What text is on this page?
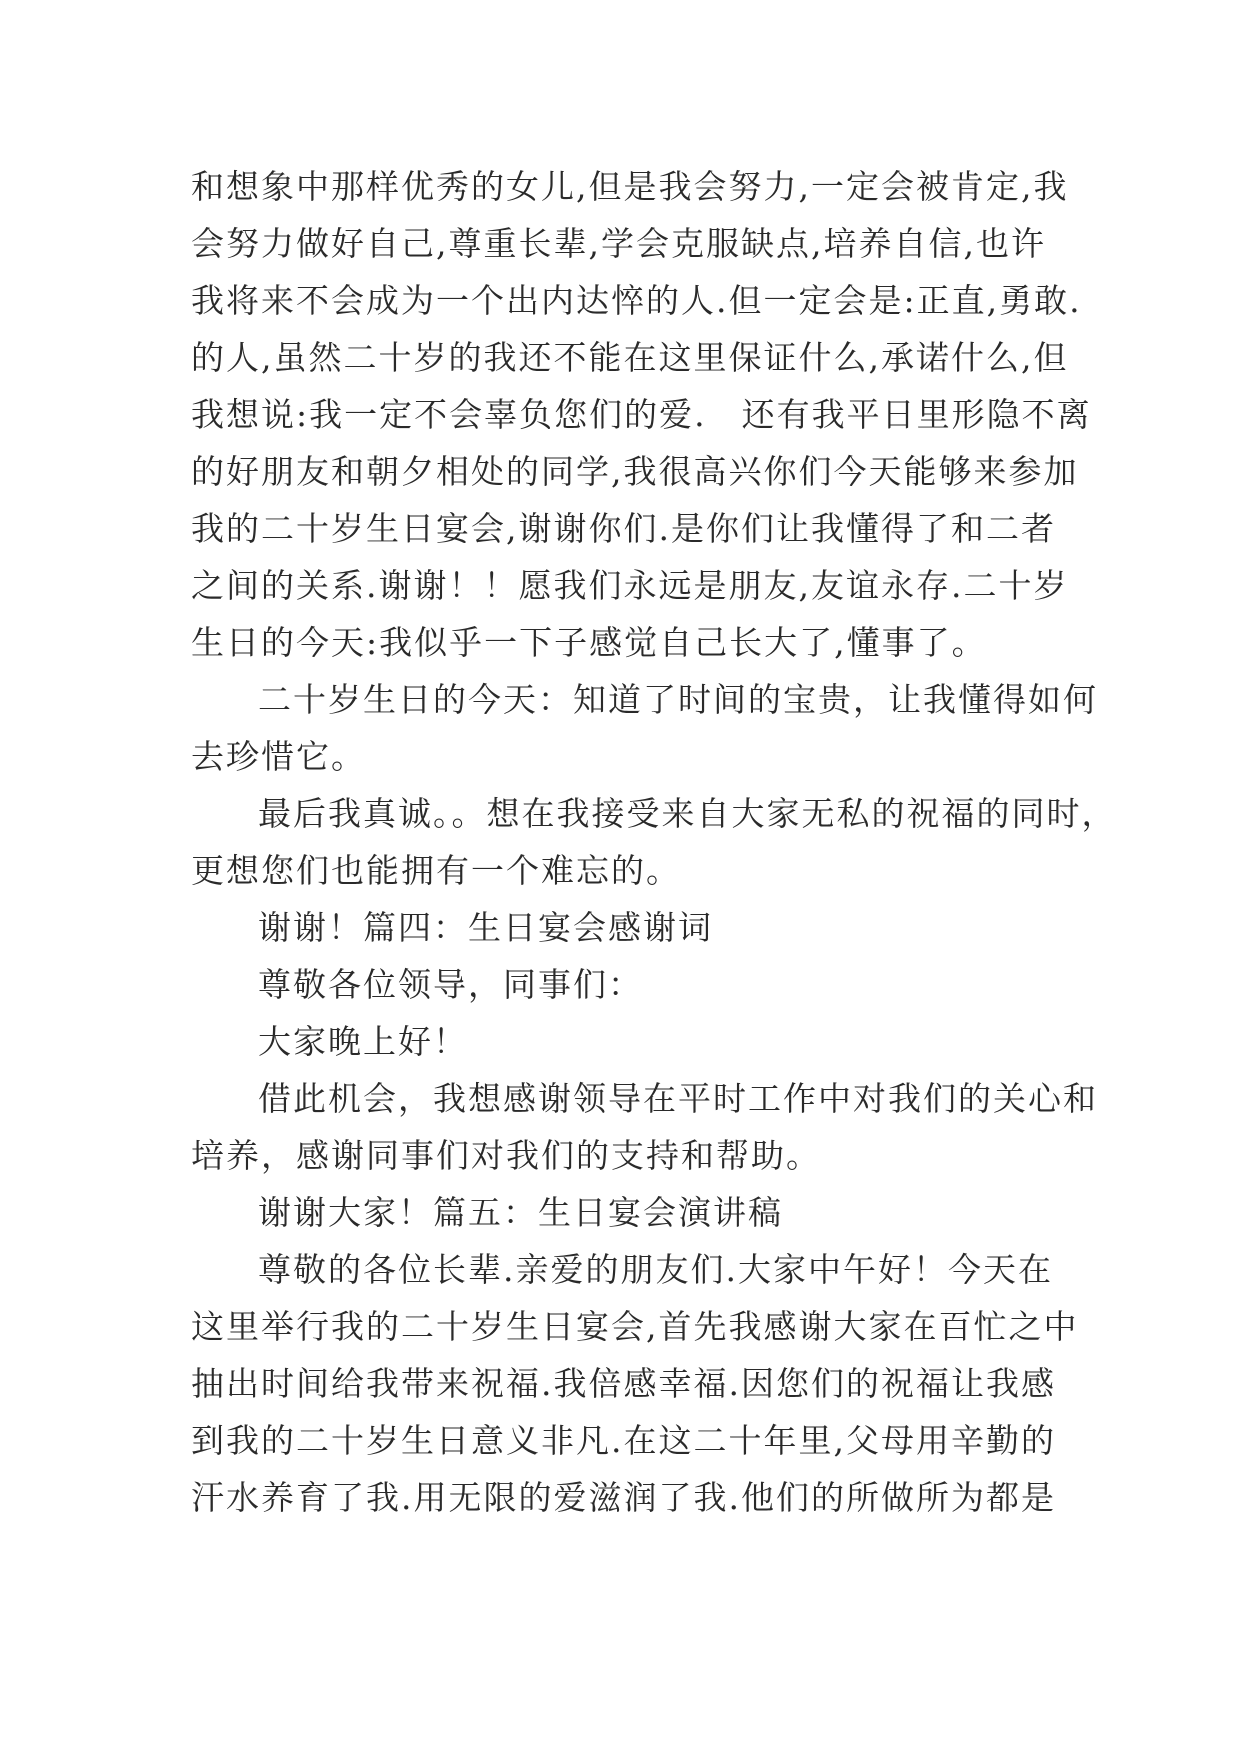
和想象中那样优秀的女儿,但是我会努力,一定会被肯定,我
会努力做好自己,尊重长辈,学会克服缺点,培养自信,也许
我将来不会成为一个出内达悴的人.但一定会是:正直,勇敢.
的人,虽然二十岁的我还不能在这里保证什么,承诺什么,但
我想说:我一定不会辜负您们的爱.　还有我平日里形隐不离
的好朋友和朝夕相处的同学,我很高兴你们今天能够来参加
我的二十岁生日宴会,谢谢你们.是你们让我懂得了和二者
之间的关系.谢谢！！愿我们永远是朋友,友谊永存.二十岁
生日的今天:我似乎一下子感觉自己长大了,懂事了。
二十岁生日的今天：知道了时间的宝贵，让我懂得如何
去珍惜它。
最后我真诚。。想在我接受来自大家无私的祝福的同时，
更想您们也能拥有一个难忘的。
谢谢！篇四：生日宴会感谢词
尊敬各位领导，同事们：
大家晚上好！
借此机会，我想感谢领导在平时工作中对我们的关心和
培养，感谢同事们对我们的支持和帮助。
谢谢大家！篇五：生日宴会演讲稿
尊敬的各位长辈.亲爱的朋友们.大家中午好！今天在
这里举行我的二十岁生日宴会,首先我感谢大家在百忙之中
抽出时间给我带来祝福.我倍感幸福.因您们的祝福让我感
到我的二十岁生日意义非凡.在这二十年里,父母用辛勤的
汗水养育了我.用无限的爱滋润了我.他们的所做所为都是
